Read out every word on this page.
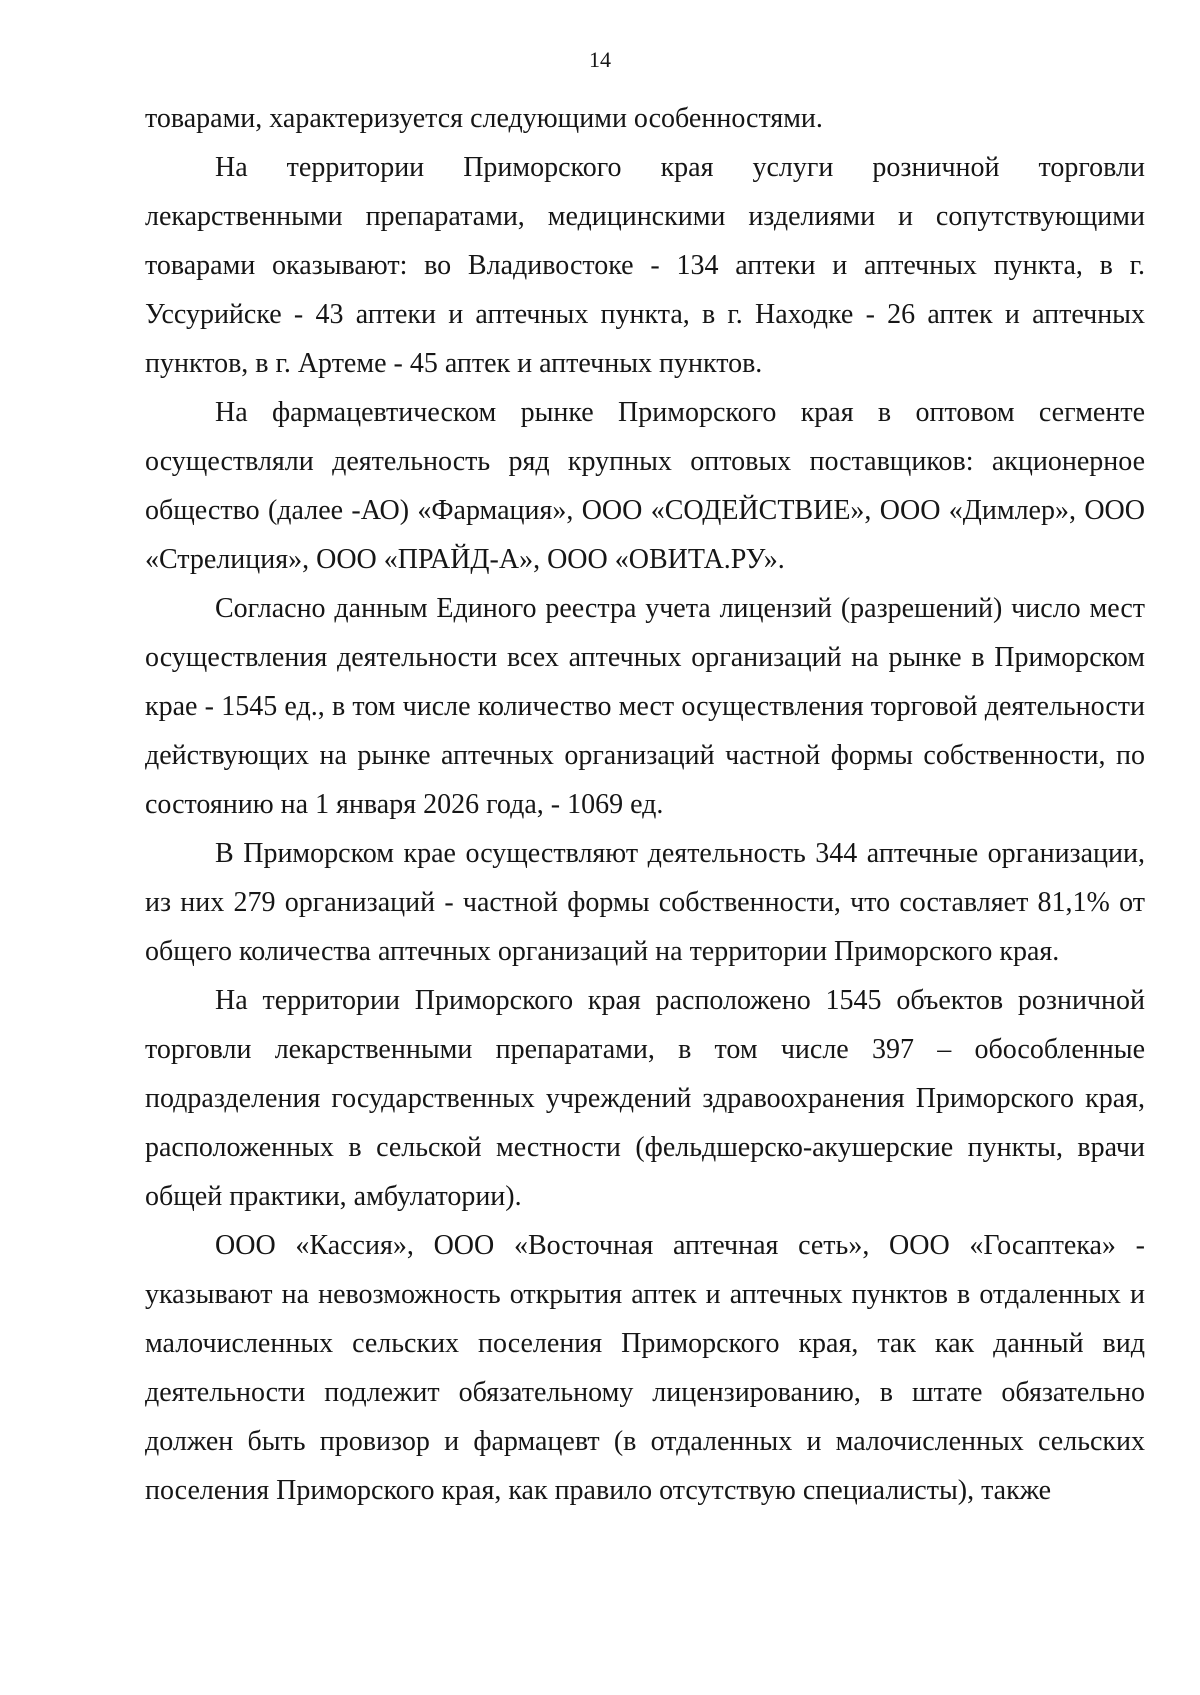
14

товарами, характеризуется следующими особенностями.

На территории Приморского края услуги розничной торговли лекарственными препаратами, медицинскими изделиями и сопутствующими товарами оказывают: во Владивостоке - 134 аптеки и аптечных пункта, в г. Уссурийске - 43 аптеки и аптечных пункта, в г. Находке - 26 аптек и аптечных пунктов, в г. Артеме - 45 аптек и аптечных пунктов.

На фармацевтическом рынке Приморского края в оптовом сегменте осуществляли деятельность ряд крупных оптовых поставщиков: акционерное общество (далее -АО) «Фармация», ООО «СОДЕЙСТВИЕ», ООО «Димлер», ООО «Стрелиция», ООО «ПРАЙД-А», ООО «ОВИТА.РУ».

Согласно данным Единого реестра учета лицензий (разрешений) число мест осуществления деятельности всех аптечных организаций на рынке в Приморском крае - 1545 ед., в том числе количество мест осуществления торговой деятельности действующих на рынке аптечных организаций частной формы собственности, по состоянию на 1 января 2026 года, - 1069 ед.

В Приморском крае осуществляют деятельность 344 аптечные организации, из них 279 организаций - частной формы собственности, что составляет 81,1% от общего количества аптечных организаций на территории Приморского края.

На территории Приморского края расположено 1545 объектов розничной торговли лекарственными препаратами, в том числе 397 – обособленные подразделения государственных учреждений здравоохранения Приморского края, расположенных в сельской местности (фельдшерско-акушерские пункты, врачи общей практики, амбулатории).

ООО «Кассия», ООО «Восточная аптечная сеть», ООО «Госаптека» - указывают на невозможность открытия аптек и аптечных пунктов в отдаленных и малочисленных сельских поселения Приморского края, так как данный вид деятельности подлежит обязательному лицензированию, в штате обязательно должен быть провизор и фармацевт (в отдаленных и малочисленных сельских поселения Приморского края, как правило отсутствую специалисты), также
